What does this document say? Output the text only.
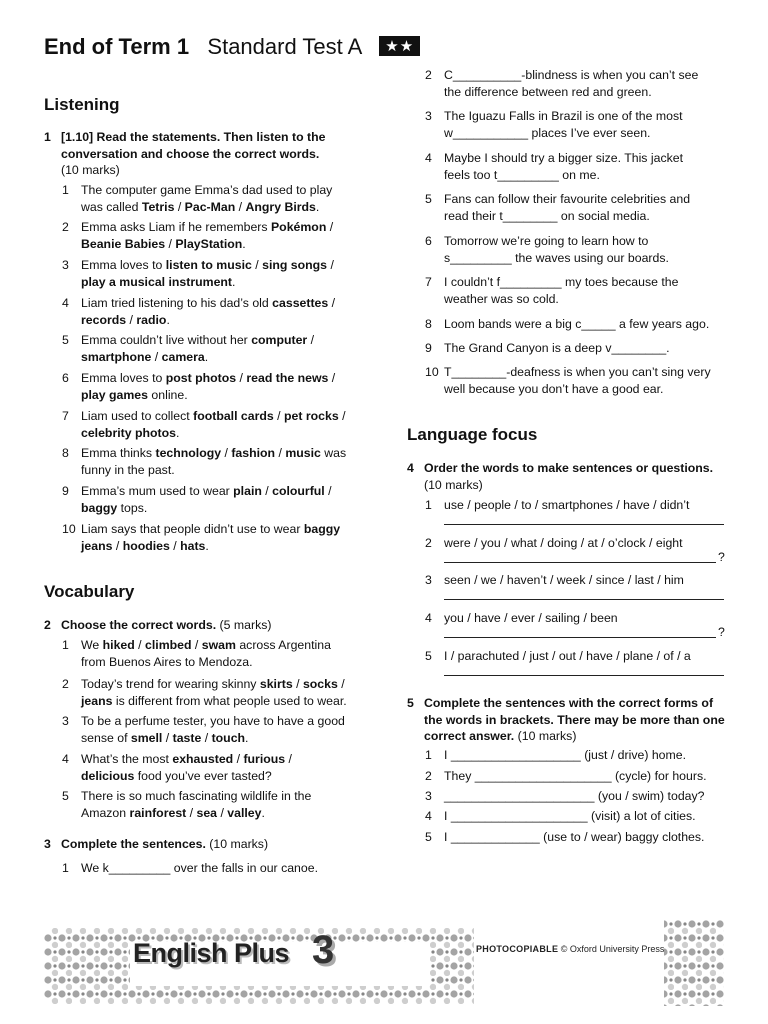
End of Term 1 Standard Test A ★★
Listening
1 [1.10] Read the statements. Then listen to the conversation and choose the correct words.
(10 marks)
1 The computer game Emma’s dad used to play
was called Tetris / Pac-Man / Angry Birds.
2 Emma asks Liam if he remembers Pokémon /
Beanie Babies / PlayStation.
3 Emma loves to listen to music / sing songs /
play a musical instrument.
4 Liam tried listening to his dad’s old cassettes /
records / radio.
5 Emma couldn’t live without her computer /
smartphone / camera.
6 Emma loves to post photos / read the news /
play games online.
7 Liam used to collect football cards / pet rocks /
celebrity photos.
8 Emma thinks technology / fashion / music was
funny in the past.
9 Emma’s mum used to wear plain / colourful /
baggy tops.
10 Liam says that people didn’t use to wear baggy
jeans / hoodies / hats.
Vocabulary
2 Choose the correct words. (5 marks)
1 We hiked / climbed / swam across Argentina
from Buenos Aires to Mendoza.
2 Today’s trend for wearing skinny skirts / socks /
jeans is different from what people used to wear.
3 To be a perfume tester, you have to have a good
sense of smell / taste / touch.
4 What’s the most exhausted / furious /
delicious food you’ve ever tasted?
5 There is so much fascinating wildlife in the
Amazon rainforest / sea / valley.
3 Complete the sentences. (10 marks)
1 We k_________ over the falls in our canoe.
2 C__________-blindness is when you can’t see
the difference between red and green.
3 The Iguazu Falls in Brazil is one of the most
w___________ places I’ve ever seen.
4 Maybe I should try a bigger size. This jacket
feels too t_________ on me.
5 Fans can follow their favourite celebrities and
read their t________ on social media.
6 Tomorrow we’re going to learn how to
s_________ the waves using our boards.
7 I couldn’t f_________ my toes because the
weather was so cold.
8 Loom bands were a big c_____ a few years ago.
9 The Grand Canyon is a deep v________.
10 T________-deafness is when you can’t sing very
well because you don’t have a good ear.
Language focus
4 Order the words to make sentences or questions. (10 marks)
1 use / people / to / smartphones / have / didn’t
2 were / you / what / doing / at / o’clock / eight
?
3 seen / we / haven’t / week / since / last / him
4 you / have / ever / sailing / been
?
5 I / parachuted / just / out / have / plane / of / a
5 Complete the sentences with the correct forms of the words in brackets. There may be more than one correct answer. (10 marks)
1 I ___________________ (just / drive) home.
2 They ____________________ (cycle) for hours.
3 ______________________ (you / swim) today?
4 I ____________________ (visit) a lot of cities.
5 I _____________ (use to / wear) baggy clothes.
English Plus 3	PHOTOCOPIABLE © Oxford University Press
